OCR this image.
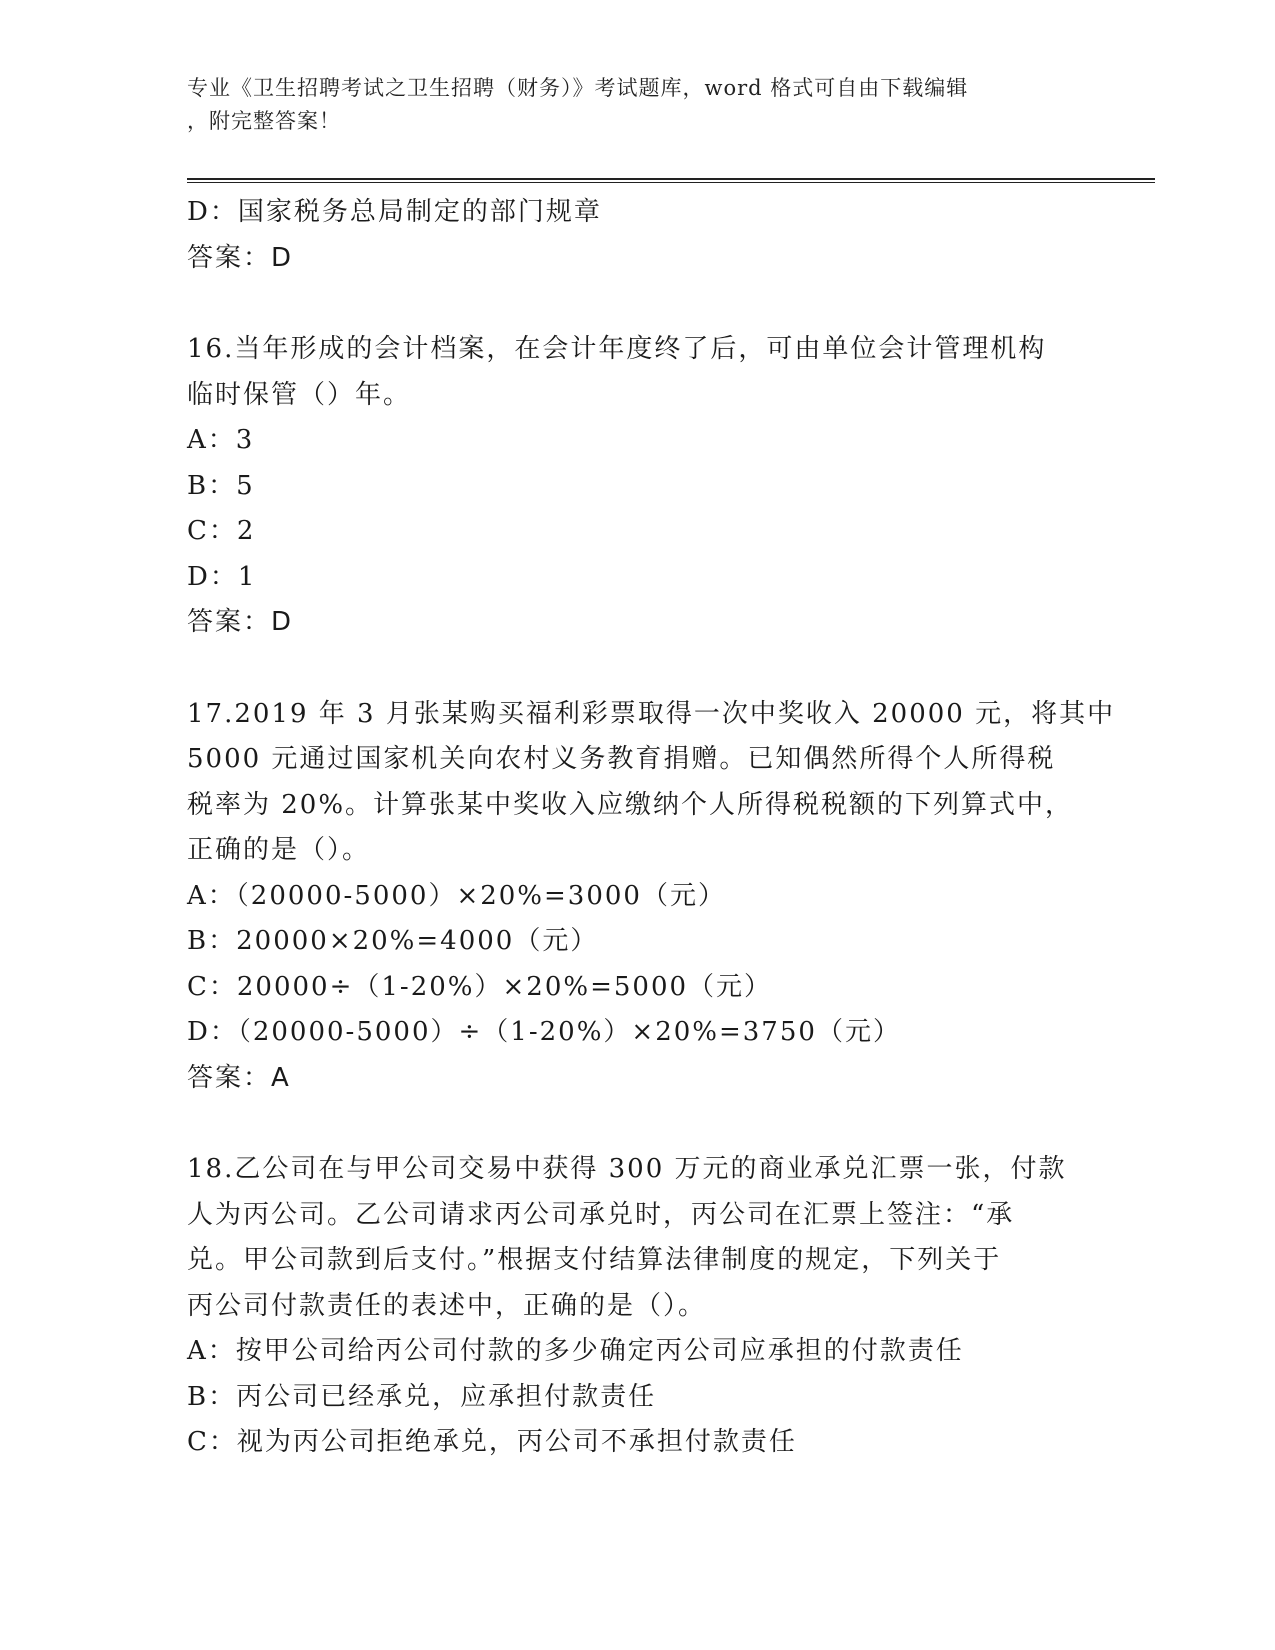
专业《卫生招聘考试之卫生招聘（财务）》考试题库，word 格式可自由下载编辑
，附完整答案！
D：国家税务总局制定的部门规章
答案：D
16.当年形成的会计档案，在会计年度终了后，可由单位会计管理机构
临时保管（）年。
A：3
B：5
C：2
D：1
答案：D
17.2019 年 3 月张某购买福利彩票取得一次中奖收入 20000 元，将其中
5000 元通过国家机关向农村义务教育捐赠。已知偶然所得个人所得税
税率为 20%。计算张某中奖收入应缴纳个人所得税税额的下列算式中，
正确的是（）。
A：（20000-5000）×20%=3000（元）
B：20000×20%=4000（元）
C：20000÷（1-20%）×20%=5000（元）
D：（20000-5000）÷（1-20%）×20%=3750（元）
答案：A
18.乙公司在与甲公司交易中获得 300 万元的商业承兑汇票一张，付款
人为丙公司。乙公司请求丙公司承兑时，丙公司在汇票上签注：“承
兑。甲公司款到后支付。”根据支付结算法律制度的规定，下列关于
丙公司付款责任的表述中，正确的是（）。
A：按甲公司给丙公司付款的多少确定丙公司应承担的付款责任
B：丙公司已经承兑，应承担付款责任
C：视为丙公司拒绝承兑，丙公司不承担付款责任
